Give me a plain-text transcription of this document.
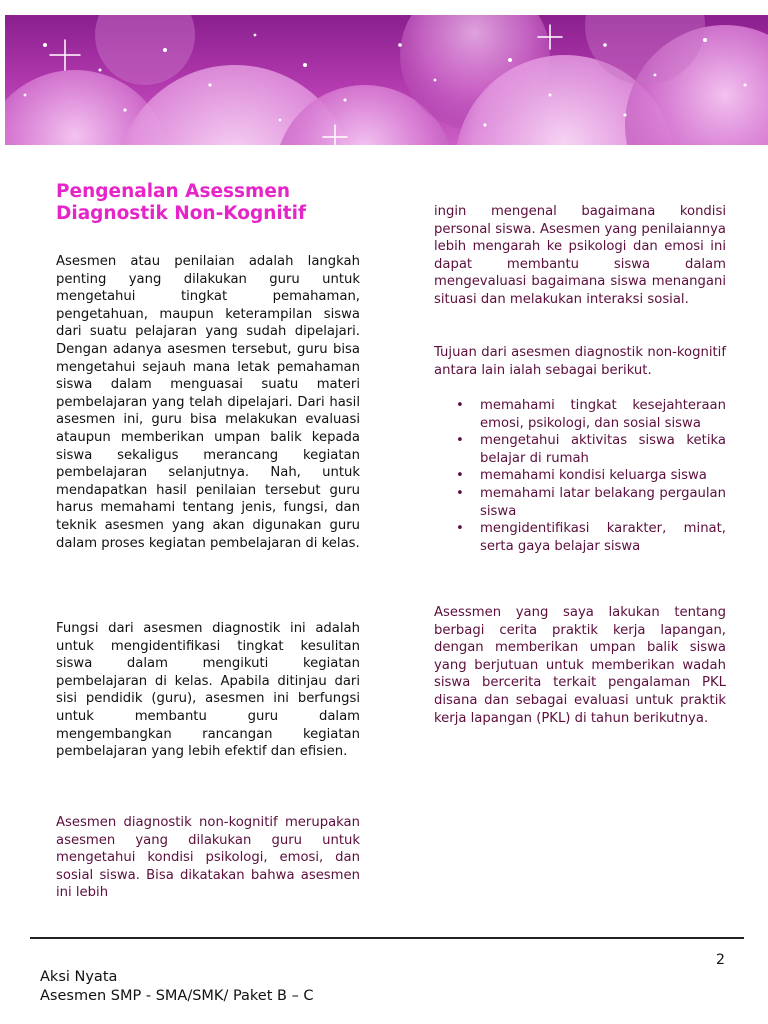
Pengenalan Asessmen
Diagnostik Non-Kognitif

Asesmen atau penilaian adalah langkah penting yang dilakukan guru untuk mengetahui tingkat pemahaman, pengetahuan, maupun keterampilan siswa dari suatu pelajaran yang sudah dipelajari. Dengan adanya asesmen tersebut, guru bisa mengetahui sejauh mana letak pemahaman siswa dalam menguasai suatu materi pembelajaran yang telah dipelajari. Dari hasil asesmen ini, guru bisa melakukan evaluasi ataupun memberikan umpan balik kepada siswa sekaligus merancang kegiatan pembelajaran selanjutnya. Nah, untuk mendapatkan hasil penilaian tersebut guru harus memahami tentang jenis, fungsi, dan teknik asesmen yang akan digunakan guru dalam proses kegiatan pembelajaran di kelas.

Fungsi dari asesmen diagnostik ini adalah untuk mengidentifikasi tingkat kesulitan siswa dalam mengikuti kegiatan pembelajaran di kelas. Apabila ditinjau dari sisi pendidik (guru), asesmen ini berfungsi untuk membantu guru dalam mengembangkan rancangan kegiatan pembelajaran yang lebih efektif dan efisien.

Asesmen diagnostik non-kognitif merupakan asesmen yang dilakukan guru untuk mengetahui kondisi psikologi, emosi, dan sosial siswa. Bisa dikatakan bahwa asesmen ini lebih

ingin mengenal bagaimana kondisi personal siswa. Asesmen yang penilaiannya lebih mengarah ke psikologi dan emosi ini dapat membantu siswa dalam mengevaluasi bagaimana siswa menangani situasi dan melakukan interaksi sosial.

Tujuan dari asesmen diagnostik non-kognitif antara lain ialah sebagai berikut.

• memahami tingkat kesejahteraan emosi, psikologi, dan sosial siswa
• mengetahui aktivitas siswa ketika belajar di rumah
• memahami kondisi keluarga siswa
• memahami latar belakang pergaulan siswa
• mengidentifikasi karakter, minat, serta gaya belajar siswa

Asessmen yang saya lakukan tentang berbagi cerita praktik kerja lapangan, dengan memberikan umpan balik siswa yang berjutuan untuk memberikan wadah siswa bercerita terkait pengalaman PKL disana dan sebagai evaluasi untuk praktik kerja lapangan (PKL) di tahun berikutnya.

2
Aksi Nyata
Asesmen SMP - SMA/SMK/ Paket B – C
